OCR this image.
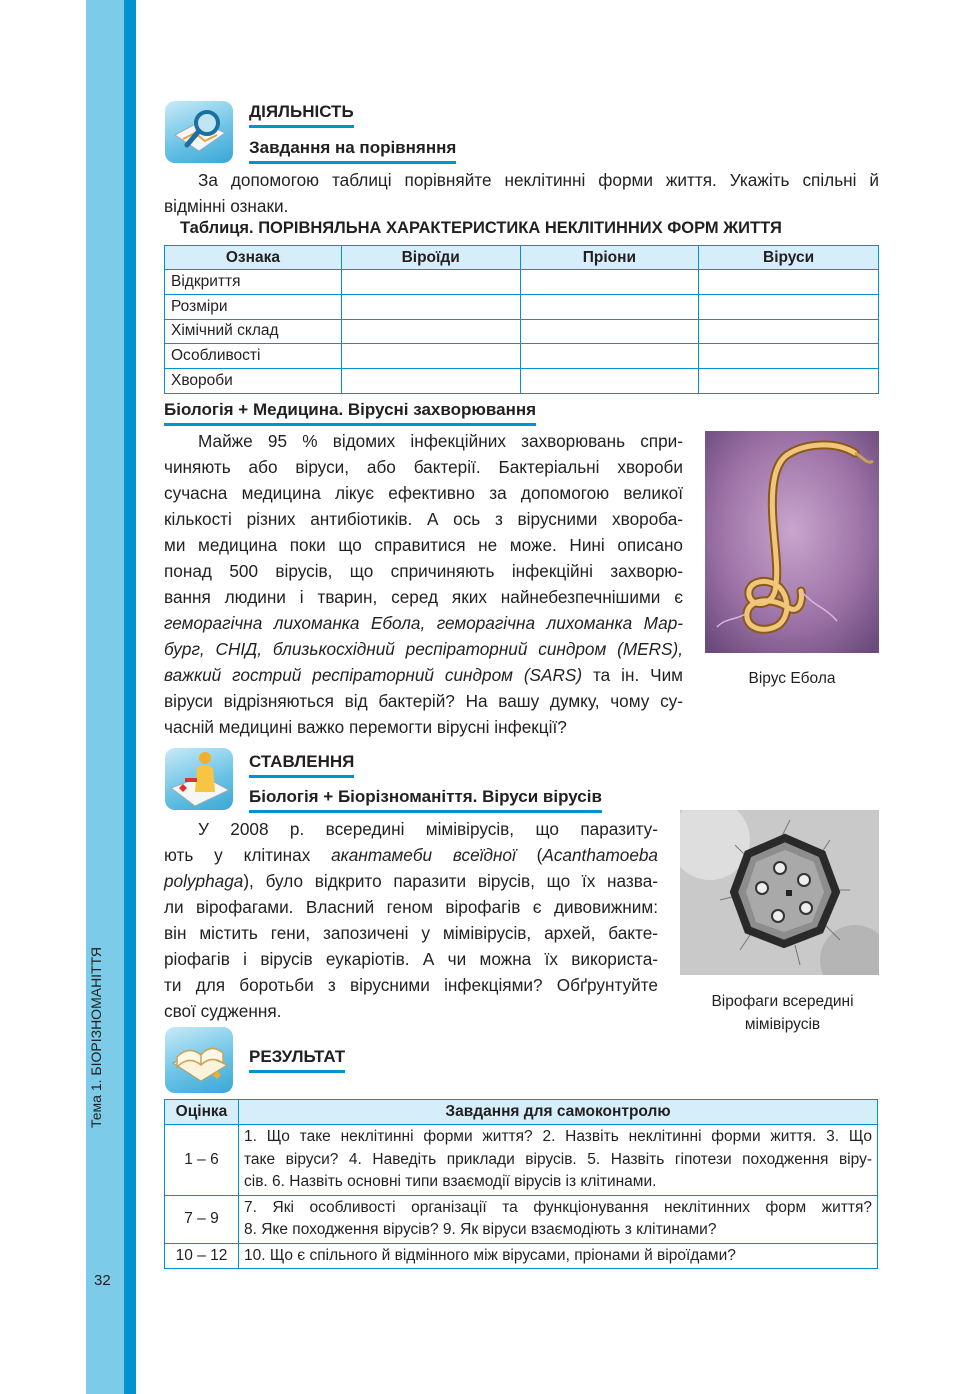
Тема 1. БІОРІЗНОМАНІТТЯ
32
ДІЯЛЬНІСТЬ
Завдання на порівняння
За допомогою таблиці порівняйте неклітинні форми життя. Укажіть спільні й
відмінні ознаки.
Таблиця. ПОРІВНЯЛЬНА ХАРАКТЕРИСТИКА НЕКЛІТИННИХ ФОРМ ЖИТТЯ
Ознака	Віроїди	Пріони	Віруси
Відкриття			
Розміри			
Хімічний склад			
Особливості			
Хвороби			
Біологія + Медицина. Вірусні захворювання
Майже 95 % відомих інфекційних захворювань спри-
чиняють або віруси, або бактерії. Бактеріальні хвороби
сучасна медицина лікує ефективно за допомогою великої
кількості різних антибіотиків. А ось з вірусними хвороба-
ми медицина поки що справитися не може. Нині описано
понад 500 вірусів, що спричиняють інфекційні захворю-
вання людини і тварин, серед яких найнебезпечнішими є
геморагічна лихоманка Ебола, геморагічна лихоманка Мар-
бург, СНІД, близькосхідний респіраторний синдром (MERS),
важкий гострий респіраторний синдром (SARS) та ін. Чим
віруси відрізняються від бактерій? На вашу думку, чому су-
часній медицині важко перемогти вірусні інфекції?
Вірус Ебола
СТАВЛЕННЯ
Біологія + Біорізноманіття. Віруси вірусів
У 2008 р. всередині мімівірусів, що паразиту-
ють у клітинах акантамеби всеїдної (Acanthamoeba
polyphaga), було відкрито паразити вірусів, що їх назва-
ли вірофагами. Власний геном вірофагів є дивовижним:
він містить гени, запозичені у мімівірусів, архей, бакте-
ріофагів і вірусів еукаріотів. А чи можна їх використа-
ти для боротьби з вірусними інфекціями? Обґрунтуйте
свої судження.	Вірофаги всередині
мімівірусів
РЕЗУЛЬТАТ
Оцінка	Завдання для самоконтролю
1 – 6	1. Що таке неклітинні форми життя? 2. Назвіть неклітинні форми життя. 3. Що
таке віруси? 4. Наведіть приклади вірусів. 5. Назвіть гіпотези походження віру-
сів. 6. Назвіть основні типи взаємодії вірусів із клітинами.

7 – 9	7. Які особливості організації та функціонування неклітинних форм життя?
8. Яке походження вірусів? 9. Як віруси взаємодіють з клітинами?

10 – 12	10. Що є спільного й відмінного між вірусами, пріонами й віроїдами?
